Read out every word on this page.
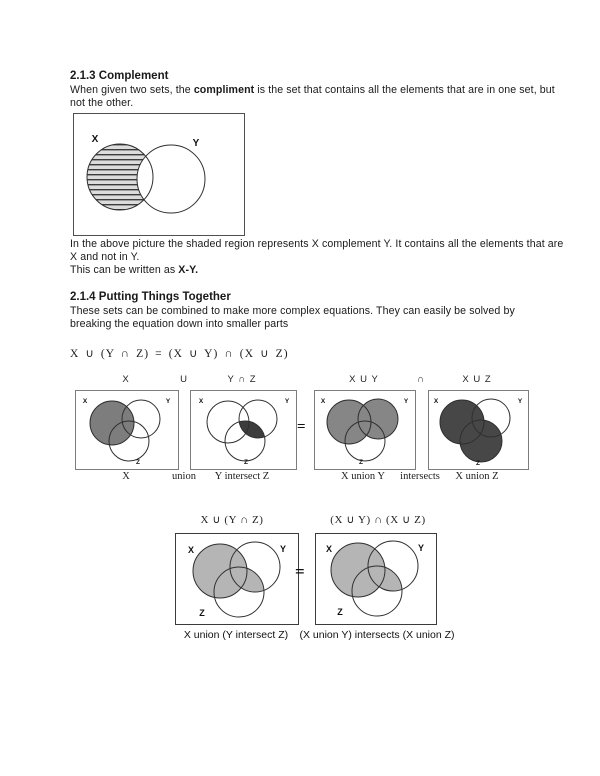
2.1.3 Complement
When given two sets, the compliment is the set that contains all the elements that are in one set, but
not the other.
X	Y
In the above picture the shaded region represents X complement Y. It contains all the elements that are
X and not in Y.
This can be written as X-Y.
2.1.4 Putting Things Together
These sets can be combined to make more complex equations. They can easily be solved by
breaking the equation down into smaller parts
X ∪ (Y ∩ Z) = (X ∪ Y) ∩ (X ∪ Z)
X	U	Y ∩ Z	X U Y	∩	X U Z
X	Y
Z
X	Y
Z
=
X	Y
Z
X	Y
Z
X	union Y intersect Z	X union Y intersects X union Z
X ∪ (Y ∩ Z)	(X ∪ Y) ∩ (X ∪ Z)
X	Y
Z
=
X	Y
Z
X union (Y intersect Z) (X union Y) intersects (X union Z)
